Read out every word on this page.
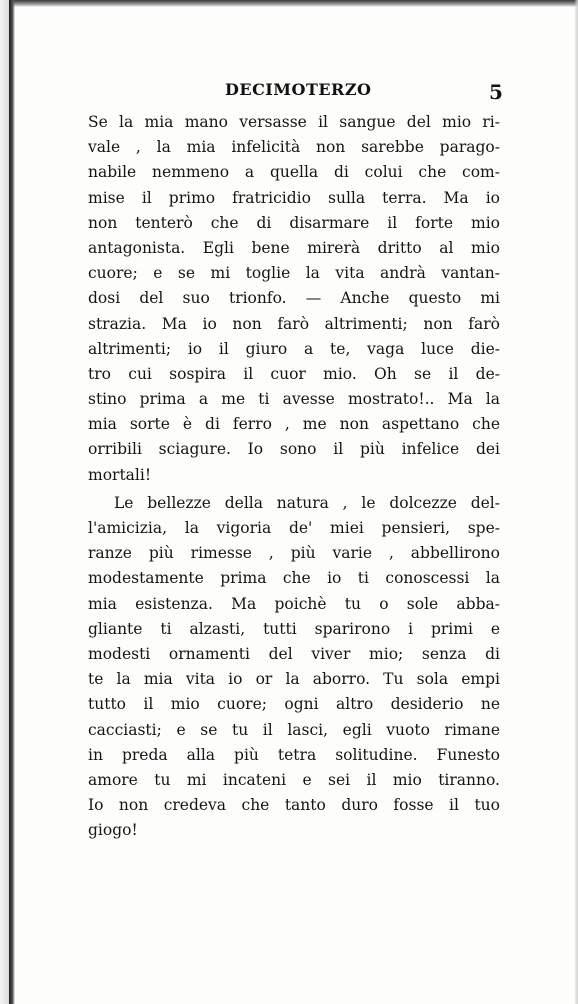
DECIMOTERZO	5
Se la mia mano versasse il sangue del mio ri-
vale , la mia infelicità non sarebbe parago-
nabile nemmeno a quella di colui che com-
mise il primo fratricidio sulla terra. Ma io
non tenterò che di disarmare il forte mio
antagonista. Egli bene mirerà dritto al mio
cuore; e se mi toglie la vita andrà vantan-
dosi del suo trionfo. — Anche questo mi
strazia. Ma io non farò altrimenti; non farò
altrimenti; io il giuro a te, vaga luce die-
tro cui sospira il cuor mio. Oh se il de-
stino prima a me ti avesse mostrato!.. Ma la
mia sorte è di ferro , me non aspettano che
orribili sciagure. Io sono il più infelice dei
mortali!
Le bellezze della natura , le dolcezze del-
l'amicizia, la vigoria de' miei pensieri, spe-
ranze più rimesse , più varie , abbellirono
modestamente prima che io ti conoscessi la
mia esistenza. Ma poichè tu o sole abba-
gliante ti alzasti, tutti sparirono i primi e
modesti ornamenti del viver mio; senza di
te la mia vita io or la aborro. Tu sola empi
tutto il mio cuore; ogni altro desiderio ne
cacciasti; e se tu il lasci, egli vuoto rimane
in preda alla più tetra solitudine. Funesto
amore tu mi incateni e sei il mio tiranno.
Io non credeva che tanto duro fosse il tuo
giogo!
